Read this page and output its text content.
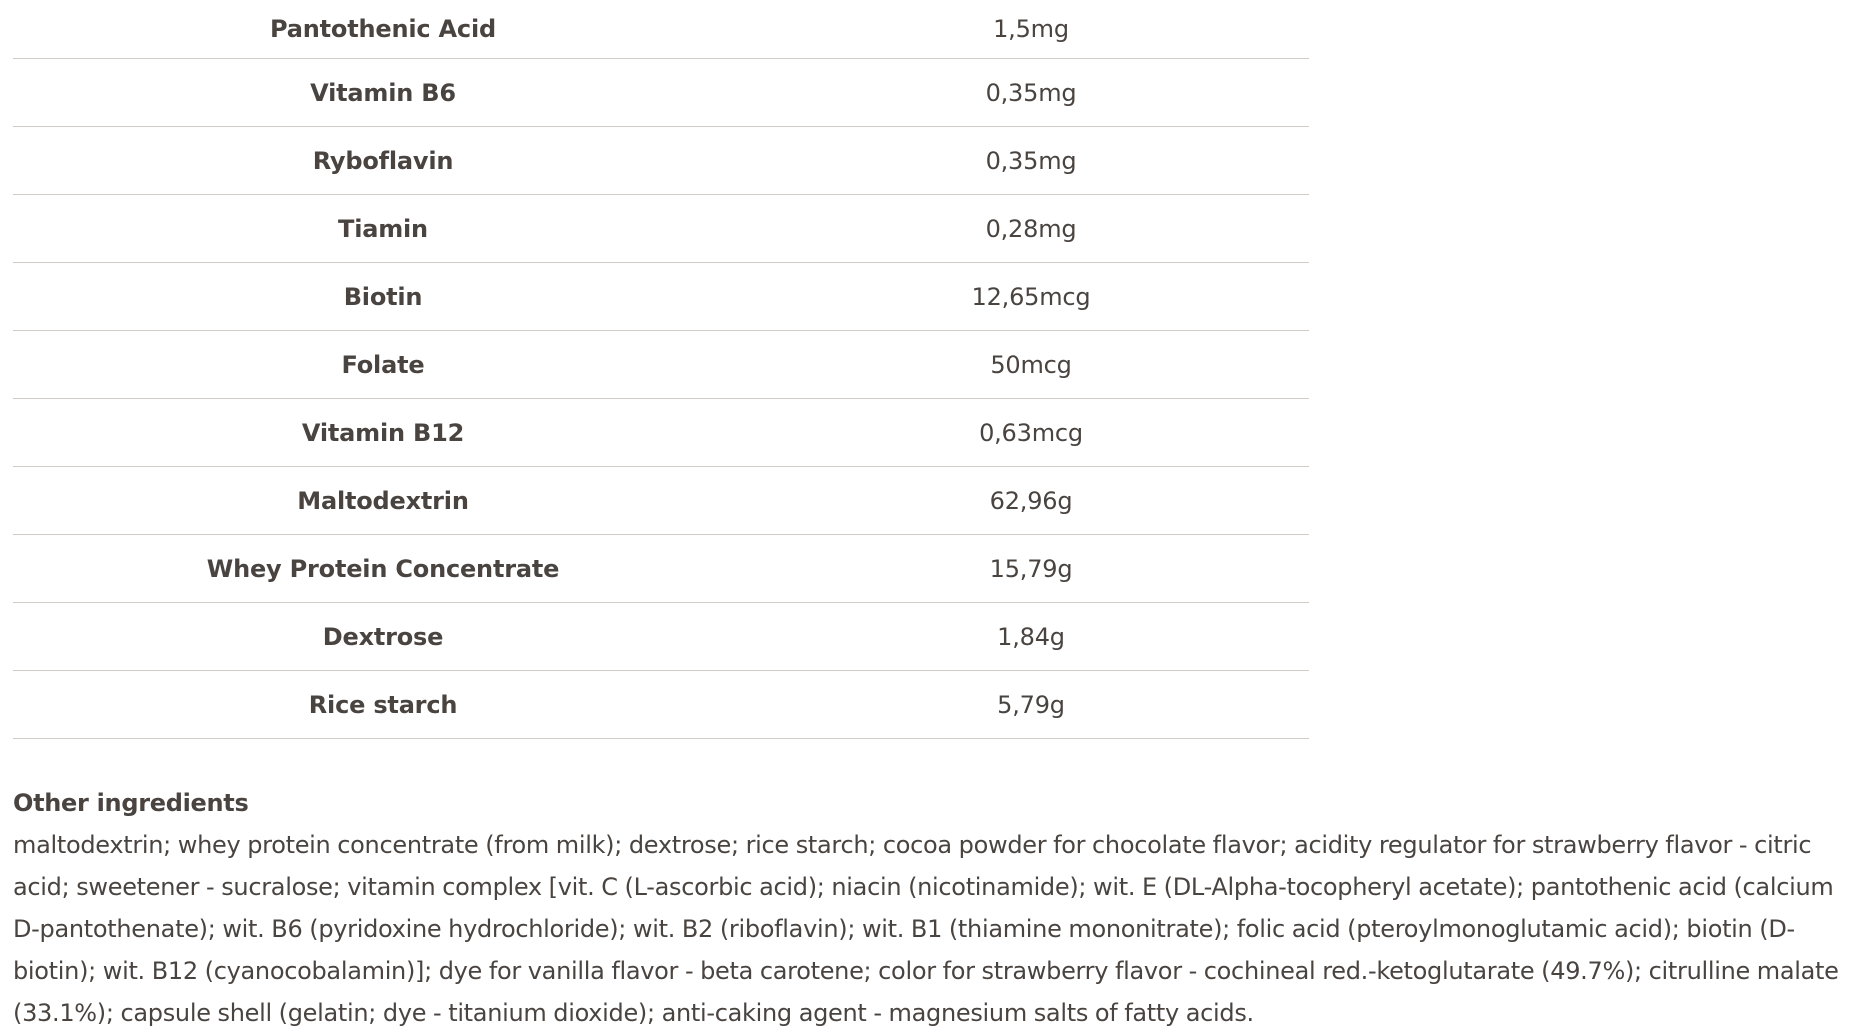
Pantothenic Acid	1,5mg
Vitamin B6	0,35mg
Ryboflavin	0,35mg
Tiamin	0,28mg
Biotin	12,65mcg
Folate	50mcg
Vitamin B12	0,63mcg
Maltodextrin	62,96g
Whey Protein Concentrate	15,79g
Dextrose	1,84g
Rice starch	5,79g
Other ingredients
maltodextrin; whey protein concentrate (from milk); dextrose; rice starch; cocoa powder for chocolate flavor; acidity regulator for strawberry flavor - citric acid; sweetener - sucralose; vitamin complex [vit. C (L-ascorbic acid); niacin (nicotinamide); wit. E (DL-Alpha-tocopheryl acetate); pantothenic acid (calcium D-pantothenate); wit. B6 (pyridoxine hydrochloride); wit. B2 (riboflavin); wit. B1 (thiamine mononitrate); folic acid (pteroylmonoglutamic acid); biotin (D-biotin); wit. B12 (cyanocobalamin)]; dye for vanilla flavor - beta carotene; color for strawberry flavor - cochineal red.-ketoglutarate (49.7%); citrulline malate (33.1%); capsule shell (gelatin; dye - titanium dioxide); anti-caking agent - magnesium salts of fatty acids.
